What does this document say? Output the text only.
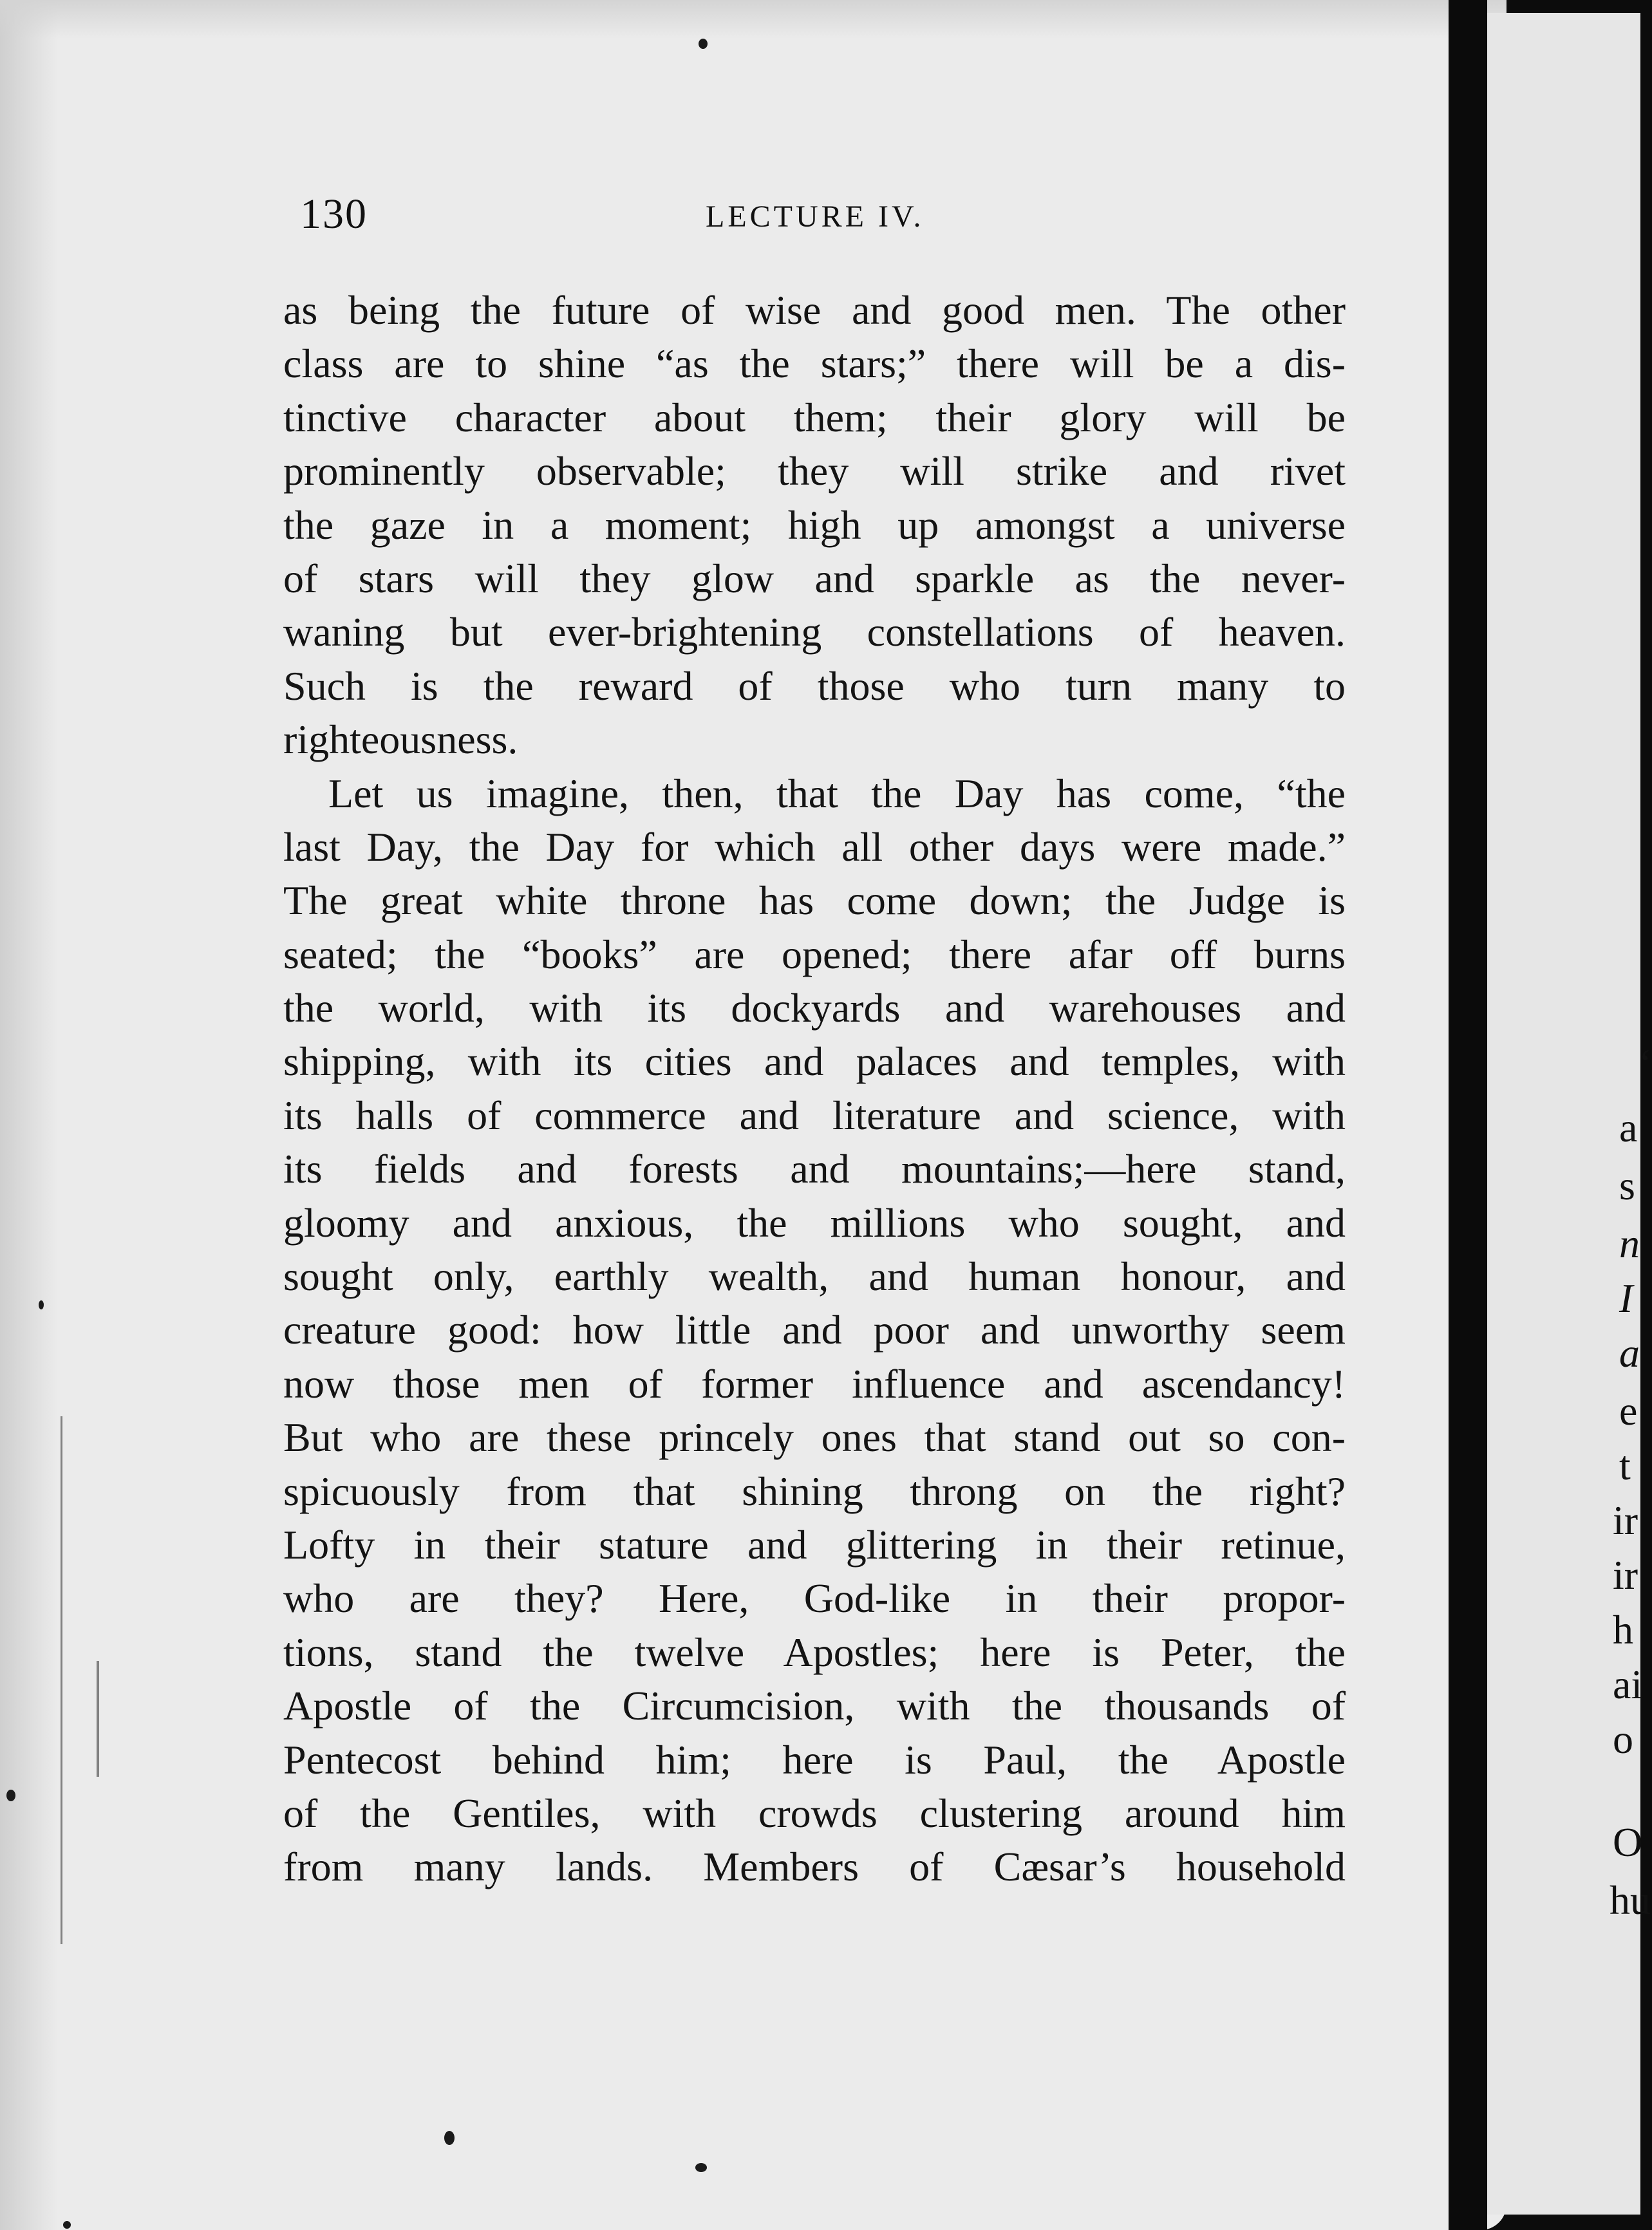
130	LECTURE IV.
as being the future of wise and good men. The other
class are to shine “as the stars;” there will be a dis-
tinctive character about them; their glory will be
prominently observable; they will strike and rivet
the gaze in a moment; high up amongst a universe
of stars will they glow and sparkle as the never-
waning but ever-brightening constellations of heaven.
Such is the reward of those who turn many to
righteousness.
Let us imagine, then, that the Day has come, “the
last Day, the Day for which all other days were made.”
The great white throne has come down; the Judge is
seated; the “books” are opened; there afar off burns
the world, with its dockyards and warehouses and
shipping, with its cities and palaces and temples, with
its halls of commerce and literature and science, with
its fields and forests and mountains;—here stand,
gloomy and anxious, the millions who sought, and
sought only, earthly wealth, and human honour, and
creature good: how little and poor and unworthy seem
now those men of former influence and ascendancy!
But who are these princely ones that stand out so con-
spicuously from that shining throng on the right?
Lofty in their stature and glittering in their retinue,
who are they? Here, God-like in their propor-
tions, stand the twelve Apostles; here is Peter, the
Apostle of the Circumcision, with the thousands of
Pentecost behind him; here is Paul, the Apostle
of the Gentiles, with crowds clustering around him
from many lands. Members of Cæsar’s household
‘
a
s
n
I
a
e
t
ir
ir
h
ai
o
O
hu
